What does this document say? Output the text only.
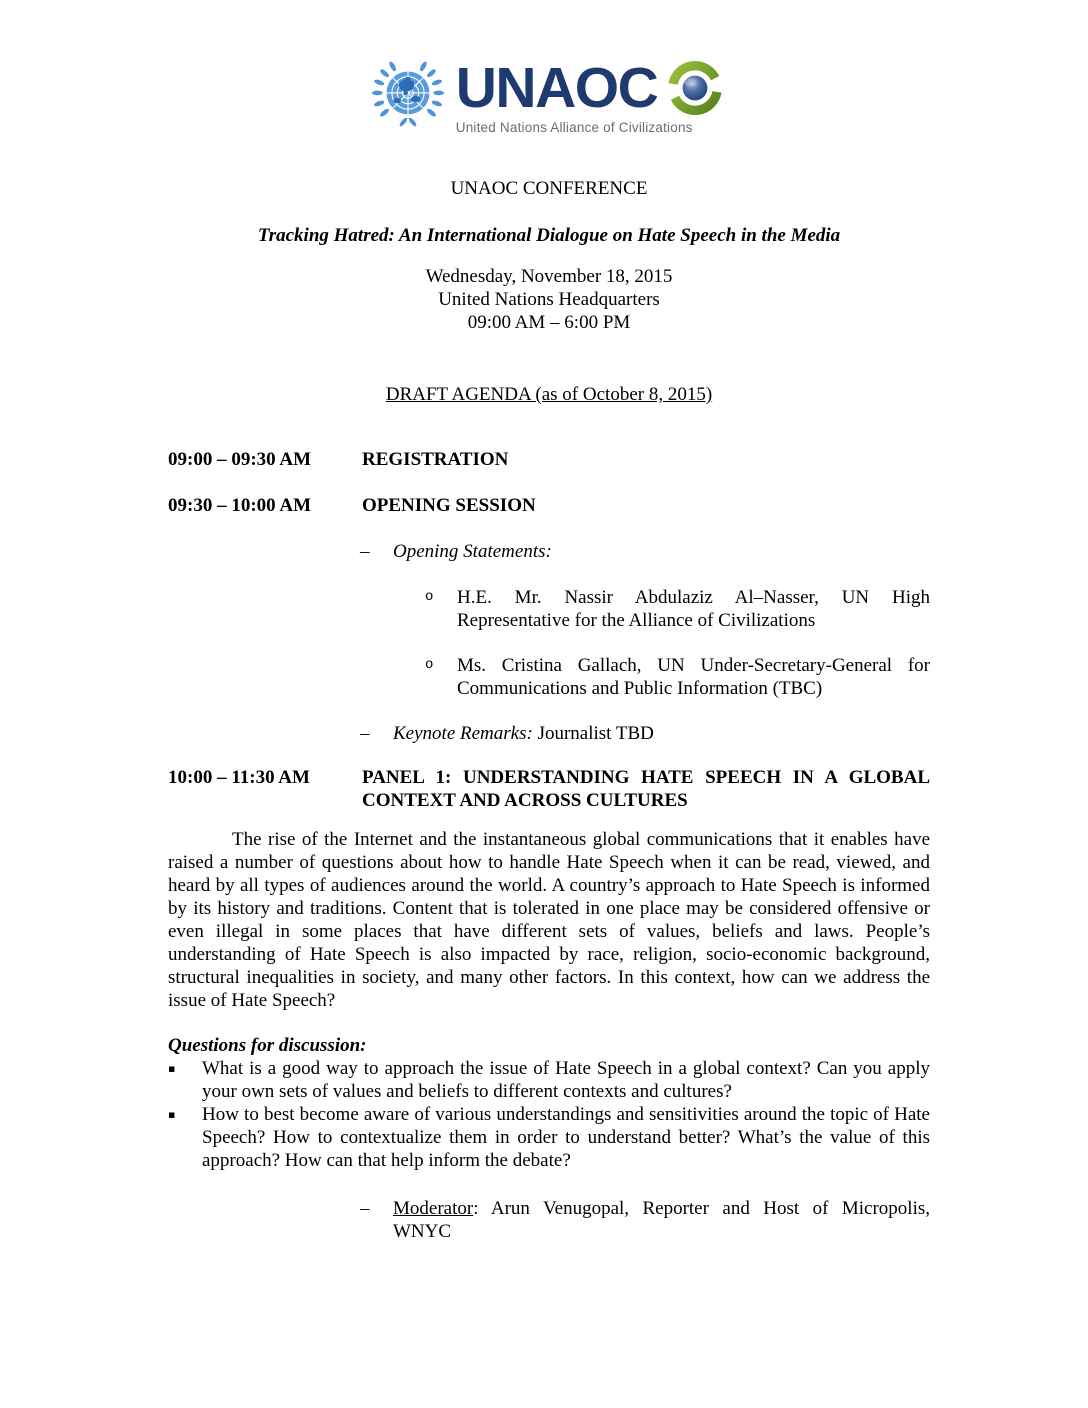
UNAOC
United Nations Alliance of Civilizations
UNAOC CONFERENCE
Tracking Hatred: An International Dialogue on Hate Speech in the Media
Wednesday, November 18, 2015
United Nations Headquarters
09:00 AM – 6:00 PM
DRAFT AGENDA (as of October 8, 2015)
09:00 – 09:30 AM	REGISTRATION
09:30 – 10:00 AM	OPENING SESSION
–	Opening Statements:
o	H.E. Mr. Nassir Abdulaziz Al–Nasser, UN High Representative for the Alliance of Civilizations
o	Ms. Cristina Gallach, UN Under-Secretary-General for Communications and Public Information (TBC)
–	Keynote Remarks: Journalist TBD
10:00 – 11:30 AM	PANEL 1: UNDERSTANDING HATE SPEECH IN A GLOBAL CONTEXT AND ACROSS CULTURES
The rise of the Internet and the instantaneous global communications that it enables have raised a number of questions about how to handle Hate Speech when it can be read, viewed, and heard by all types of audiences around the world. A country’s approach to Hate Speech is informed by its history and traditions. Content that is tolerated in one place may be considered offensive or even illegal in some places that have different sets of values, beliefs and laws. People’s understanding of Hate Speech is also impacted by race, religion, socio-economic background, structural inequalities in society, and many other factors. In this context, how can we address the issue of Hate Speech?
Questions for discussion:
▪	What is a good way to approach the issue of Hate Speech in a global context? Can you apply your own sets of values and beliefs to different contexts and cultures?
▪	How to best become aware of various understandings and sensitivities around the topic of Hate Speech? How to contextualize them in order to understand better? What’s the value of this approach? How can that help inform the debate?
–	Moderator: Arun Venugopal, Reporter and Host of Micropolis,
WNYC
